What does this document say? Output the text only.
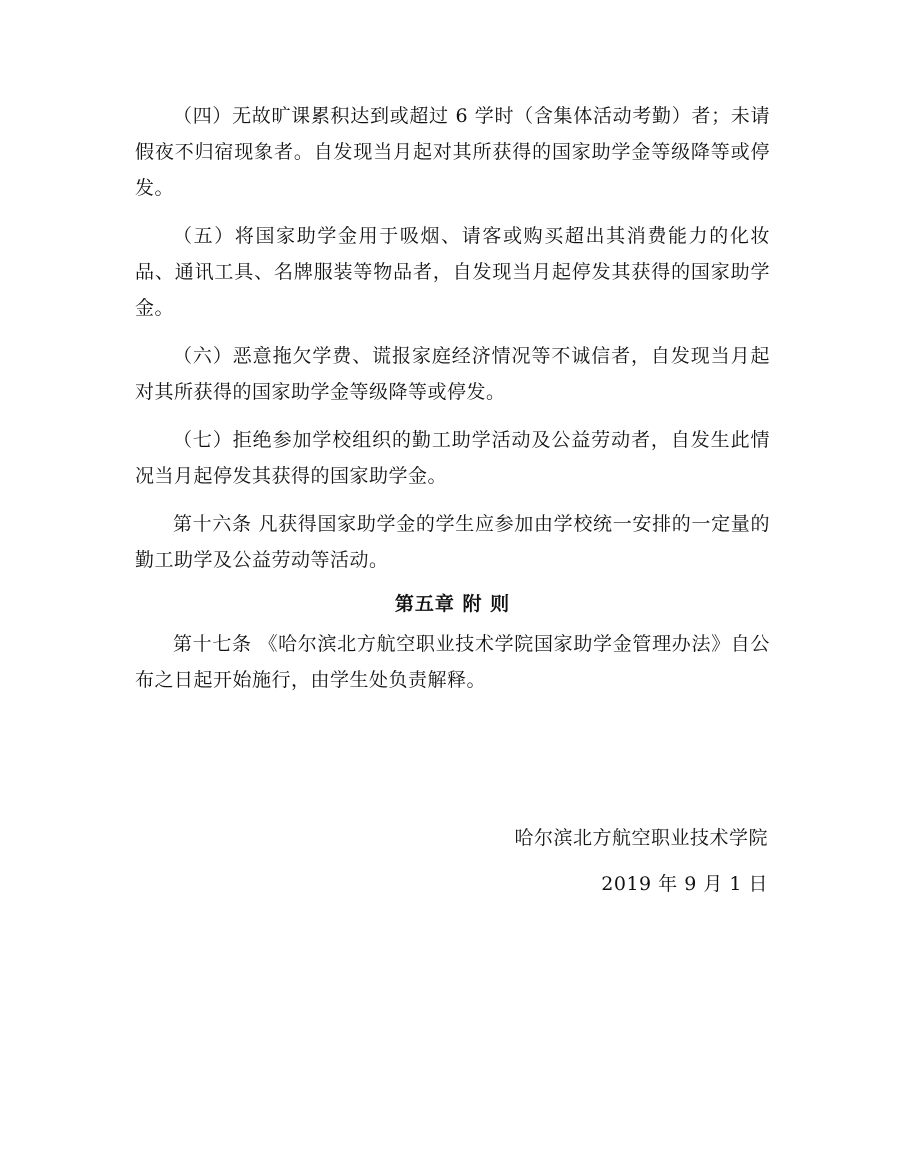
（四）无故旷课累积达到或超过 6 学时（含集体活动考勤）者；未请假夜不归宿现象者。自发现当月起对其所获得的国家助学金等级降等或停发。

（五）将国家助学金用于吸烟、请客或购买超出其消费能力的化妆品、通讯工具、名牌服装等物品者，自发现当月起停发其获得的国家助学金。

（六）恶意拖欠学费、谎报家庭经济情况等不诚信者，自发现当月起对其所获得的国家助学金等级降等或停发。

（七）拒绝参加学校组织的勤工助学活动及公益劳动者，自发生此情况当月起停发其获得的国家助学金。

第十六条 凡获得国家助学金的学生应参加由学校统一安排的一定量的勤工助学及公益劳动等活动。

第五章 附 则

第十七条 《哈尔滨北方航空职业技术学院国家助学金管理办法》自公布之日起开始施行，由学生处负责解释。

哈尔滨北方航空职业技术学院
2019 年 9 月 1 日
